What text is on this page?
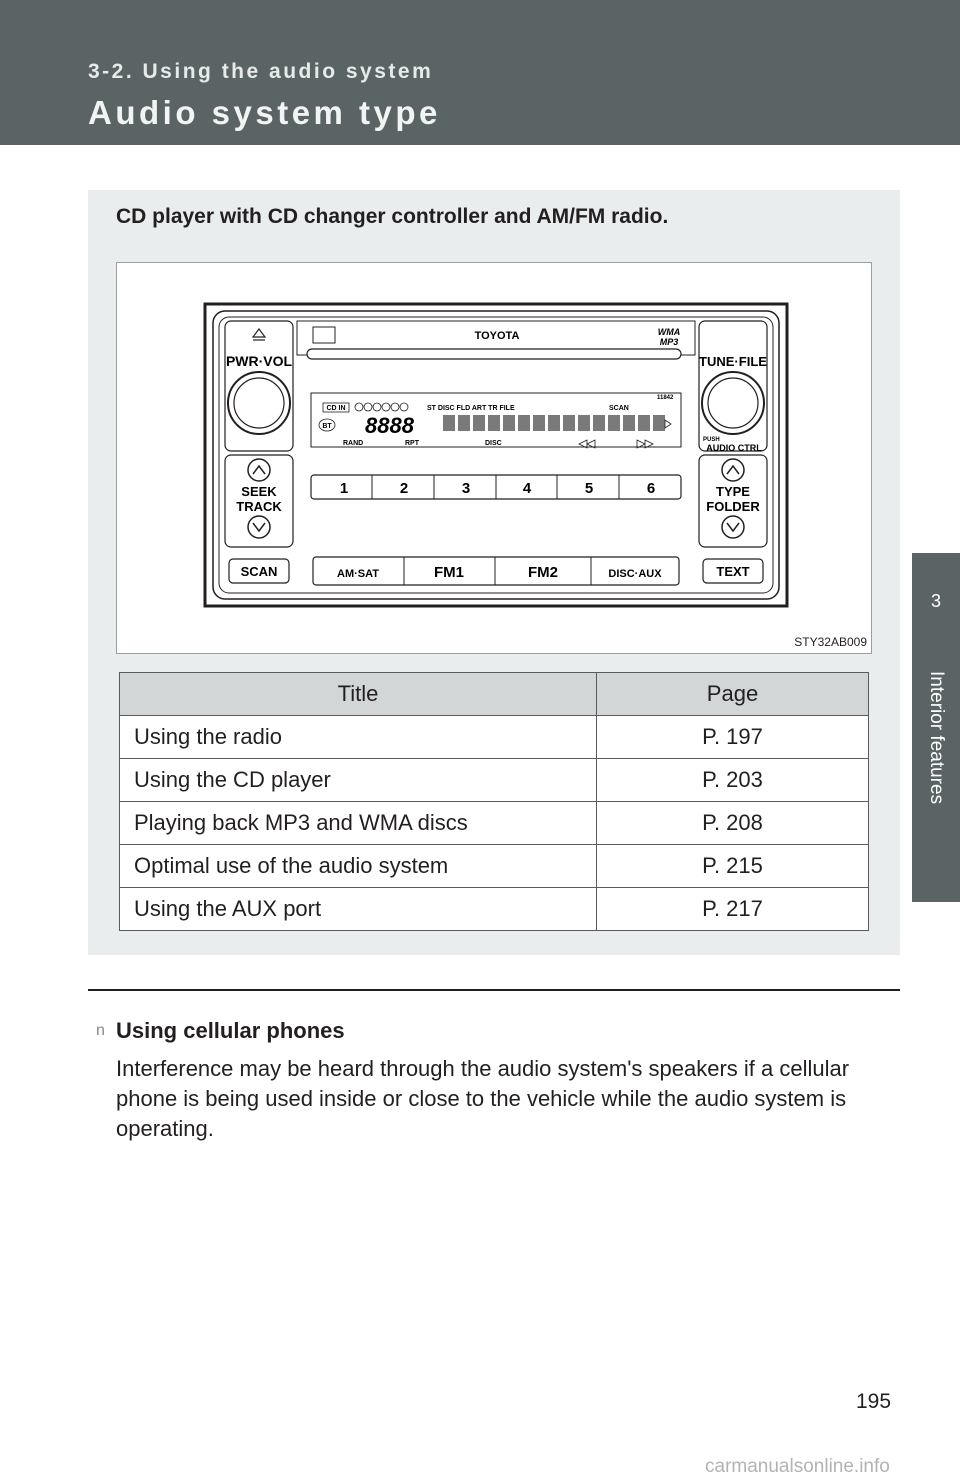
3-2. Using the audio system
Audio system type
3
Interior features
CD player with CD changer controller and AM/FM radio.
PWR·VOL
SEEK
TRACK
SCAN
TOYOTA	WMA
MP3
11842
CD IN	ST DISC FLD ART TR FILE	SCAN
BT 8888
RAND	RPT	DISC
1	2	3	4	5	6
AM·SAT	FM1	FM2	DISC·AUX
TUNE·FILE
PUSH
AUDIO CTRL
TYPE
FOLDER
TEXT
STY32AB009
Title	Page
Using the radio	P. 197
Using the CD player	P. 203
Playing back MP3 and WMA discs	P. 208
Optimal use of the audio system	P. 215
Using the AUX port	P. 217
n Using cellular phones
Interference may be heard through the audio system's speakers if a cellular phone is being used inside or close to the vehicle while the audio system is operating.
195
carmanualsonline.info
